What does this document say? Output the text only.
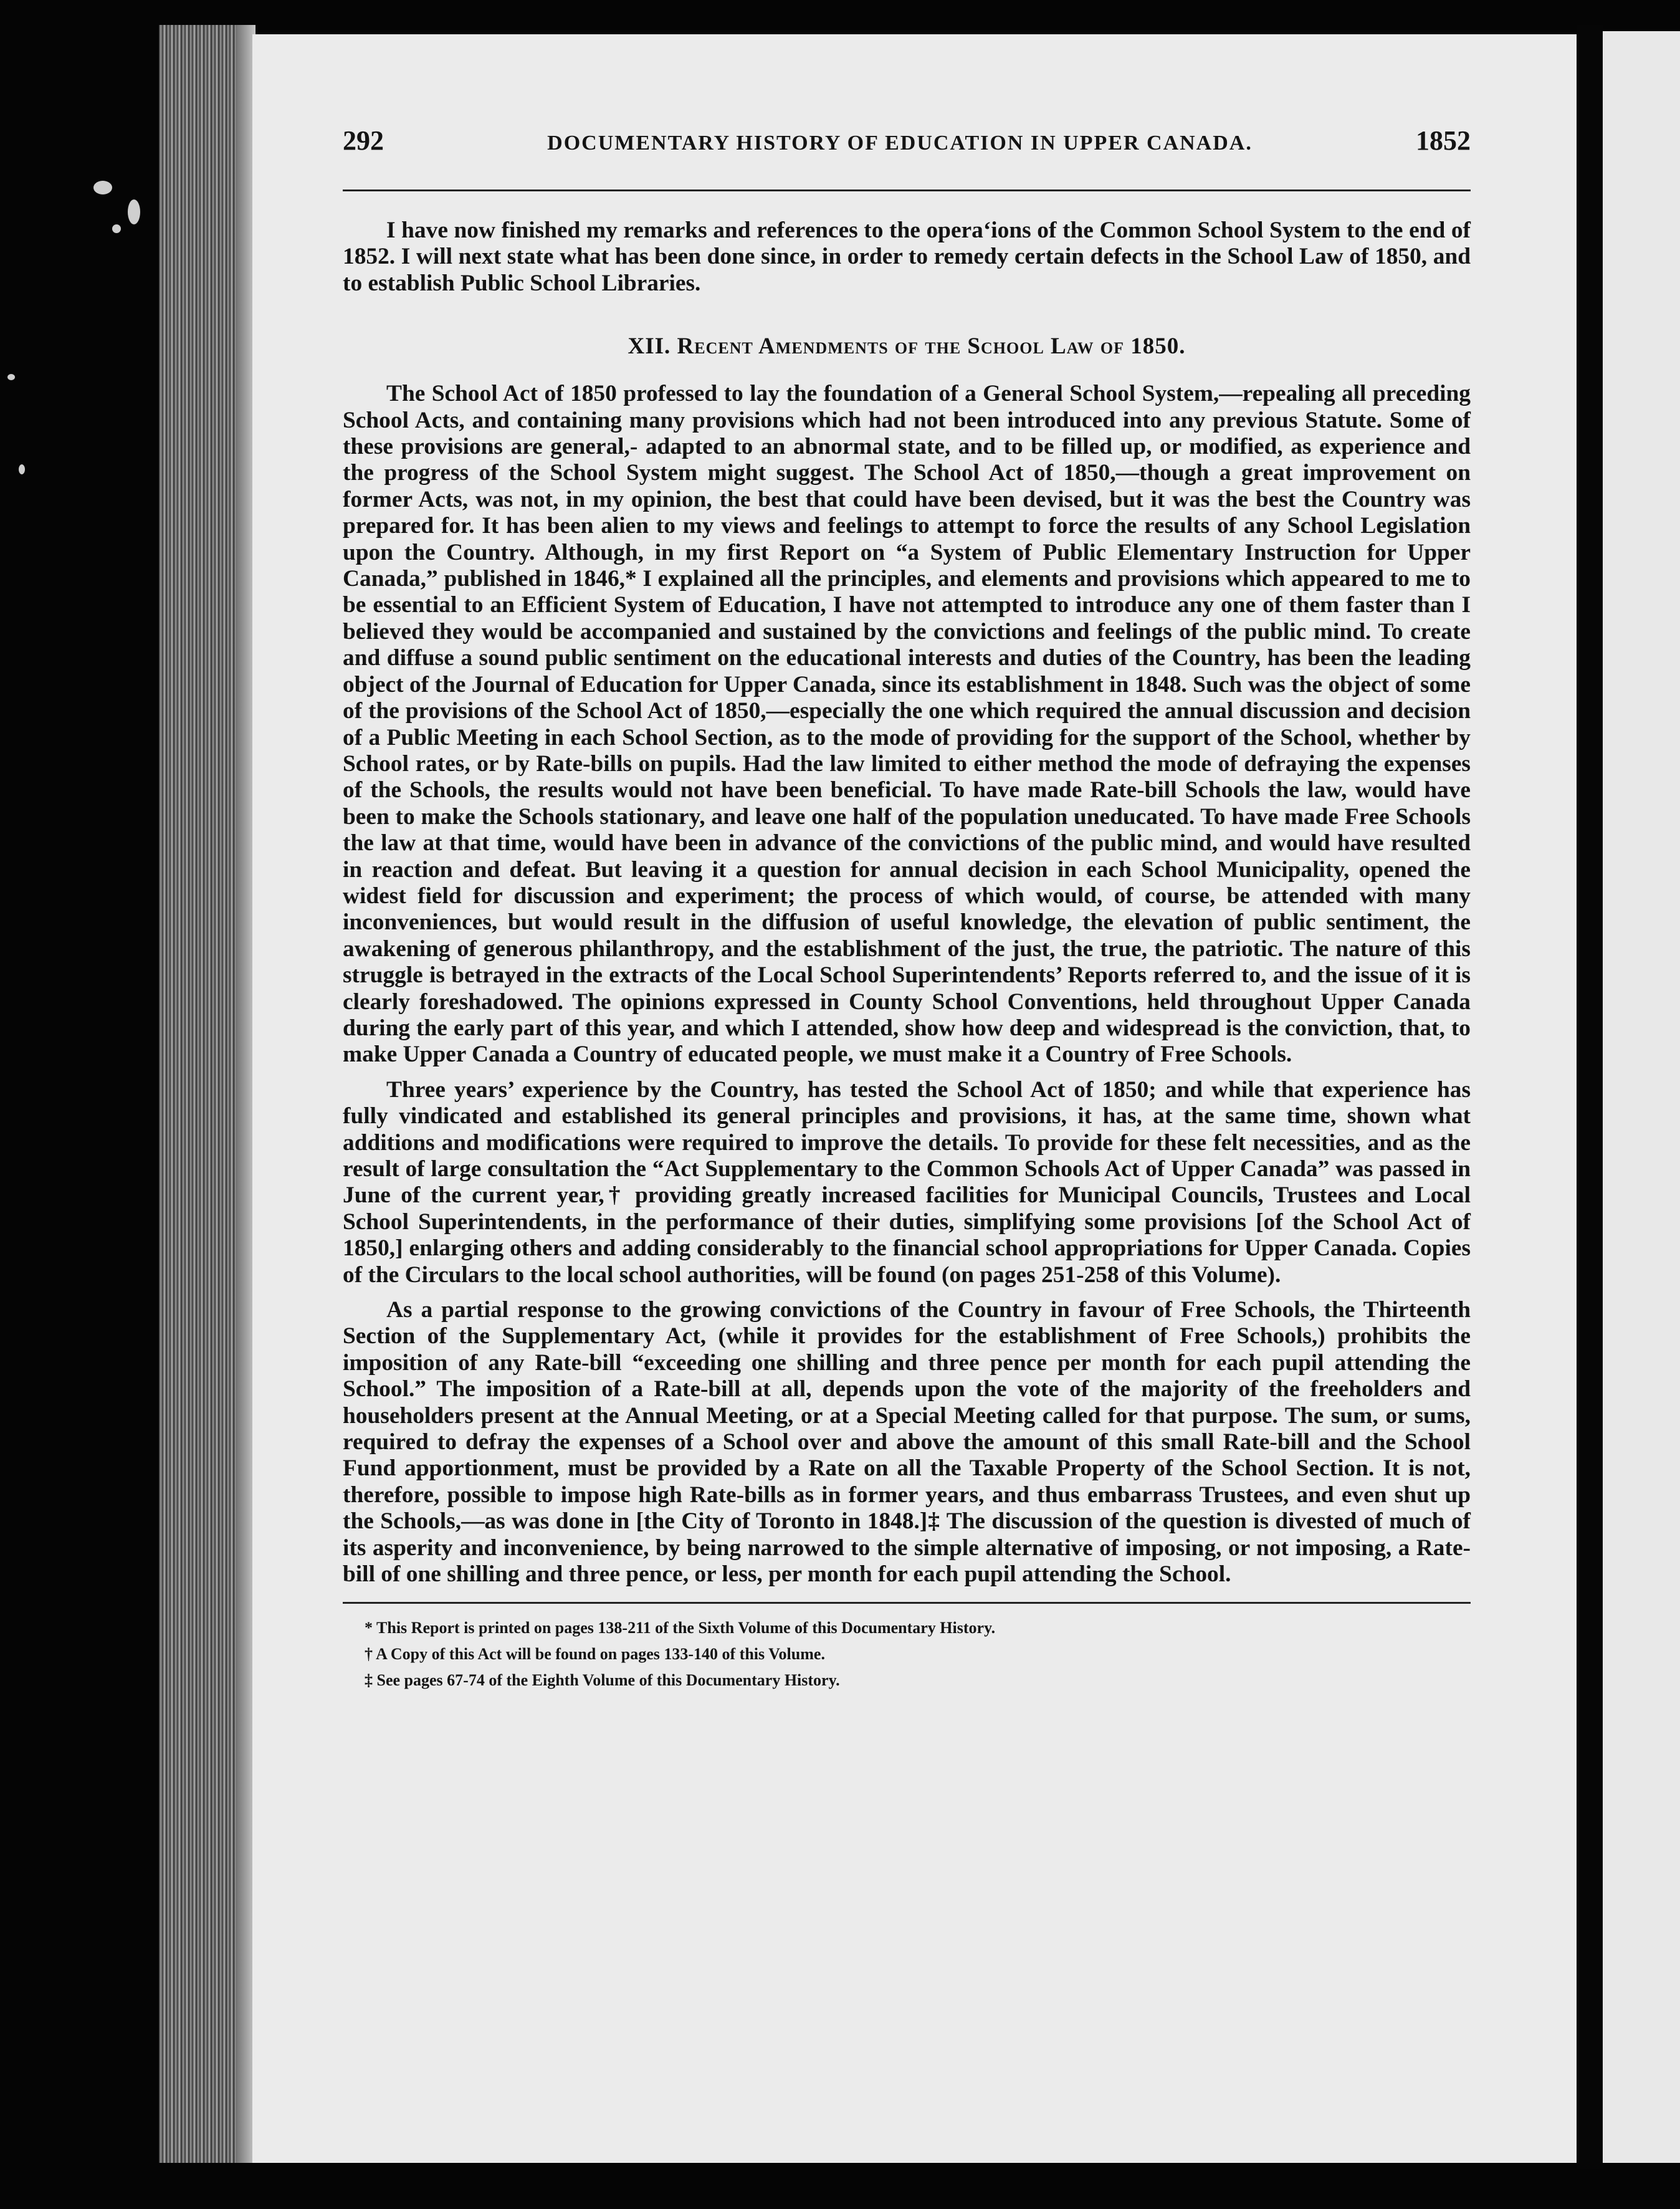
292	DOCUMENTARY HISTORY OF EDUCATION IN UPPER CANADA.	1852

I have now finished my remarks and references to the operaʻions of the Common School System to the end of 1852. I will next state what has been done since, in order to remedy certain defects in the School Law of 1850, and to establish Public School Libraries.

XII. Recent Amendments of the School Law of 1850.

The School Act of 1850 professed to lay the foundation of a General School System,—repealing all preceding School Acts, and containing many provisions which had not been introduced into any previous Statute. Some of these provisions are general,- adapted to an abnormal state, and to be filled up, or modified, as experience and the progress of the School System might suggest. The School Act of 1850,—though a great improvement on former Acts, was not, in my opinion, the best that could have been devised, but it was the best the Country was prepared for. It has been alien to my views and feelings to attempt to force the results of any School Legislation upon the Country. Although, in my first Report on “a System of Public Elementary Instruction for Upper Canada,” published in 1846,* I explained all the principles, and elements and provisions which appeared to me to be essential to an Efficient System of Education, I have not attempted to introduce any one of them faster than I believed they would be accompanied and sustained by the convictions and feelings of the public mind. To create and diffuse a sound public sentiment on the educational interests and duties of the Country, has been the leading object of the Journal of Education for Upper Canada, since its establishment in 1848. Such was the object of some of the provisions of the School Act of 1850,—especially the one which required the annual discussion and decision of a Public Meeting in each School Section, as to the mode of providing for the support of the School, whether by School rates, or by Rate-bills on pupils. Had the law limited to either method the mode of defraying the expenses of the Schools, the results would not have been beneficial. To have made Rate-bill Schools the law, would have been to make the Schools stationary, and leave one half of the population uneducated. To have made Free Schools the law at that time, would have been in advance of the convictions of the public mind, and would have resulted in reaction and defeat. But leaving it a question for annual decision in each School Municipality, opened the widest field for discussion and experiment; the process of which would, of course, be attended with many inconveniences, but would result in the diffusion of useful knowledge, the elevation of public sentiment, the awakening of generous philanthropy, and the establishment of the just, the true, the patriotic. The nature of this struggle is betrayed in the extracts of the Local School Superintendents’ Reports referred to, and the issue of it is clearly foreshadowed. The opinions expressed in County School Conventions, held throughout Upper Canada during the early part of this year, and which I attended, show how deep and widespread is the conviction, that, to make Upper Canada a Country of educated people, we must make it a Country of Free Schools.

Three years’ experience by the Country, has tested the School Act of 1850; and while that experience has fully vindicated and established its general principles and provisions, it has, at the same time, shown what additions and modifications were required to improve the details. To provide for these felt necessities, and as the result of large consultation the “Act Supplementary to the Common Schools Act of Upper Canada” was passed in June of the current year,† providing greatly increased facilities for Municipal Councils, Trustees and Local School Superintendents, in the performance of their duties, simplifying some provisions [of the School Act of 1850,] enlarging others and adding considerably to the financial school appropriations for Upper Canada. Copies of the Circulars to the local school authorities, will be found (on pages 251-258 of this Volume).

As a partial response to the growing convictions of the Country in favour of Free Schools, the Thirteenth Section of the Supplementary Act, (while it provides for the establishment of Free Schools,) prohibits the imposition of any Rate-bill “exceeding one shilling and three pence per month for each pupil attending the School.” The imposition of a Rate-bill at all, depends upon the vote of the majority of the freeholders and householders present at the Annual Meeting, or at a Special Meeting called for that purpose. The sum, or sums, required to defray the expenses of a School over and above the amount of this small Rate-bill and the School Fund apportionment, must be provided by a Rate on all the Taxable Property of the School Section. It is not, therefore, possible to impose high Rate-bills as in former years, and thus embarrass Trustees, and even shut up the Schools,—as was done in [the City of Toronto in 1848.]‡ The discussion of the question is divested of much of its asperity and inconvenience, by being narrowed to the simple alternative of imposing, or not imposing, a Rate-bill of one shilling and three pence, or less, per month for each pupil attending the School.

* This Report is printed on pages 138-211 of the Sixth Volume of this Documentary History.

† A Copy of this Act will be found on pages 133-140 of this Volume.

‡ See pages 67-74 of the Eighth Volume of this Documentary History.
